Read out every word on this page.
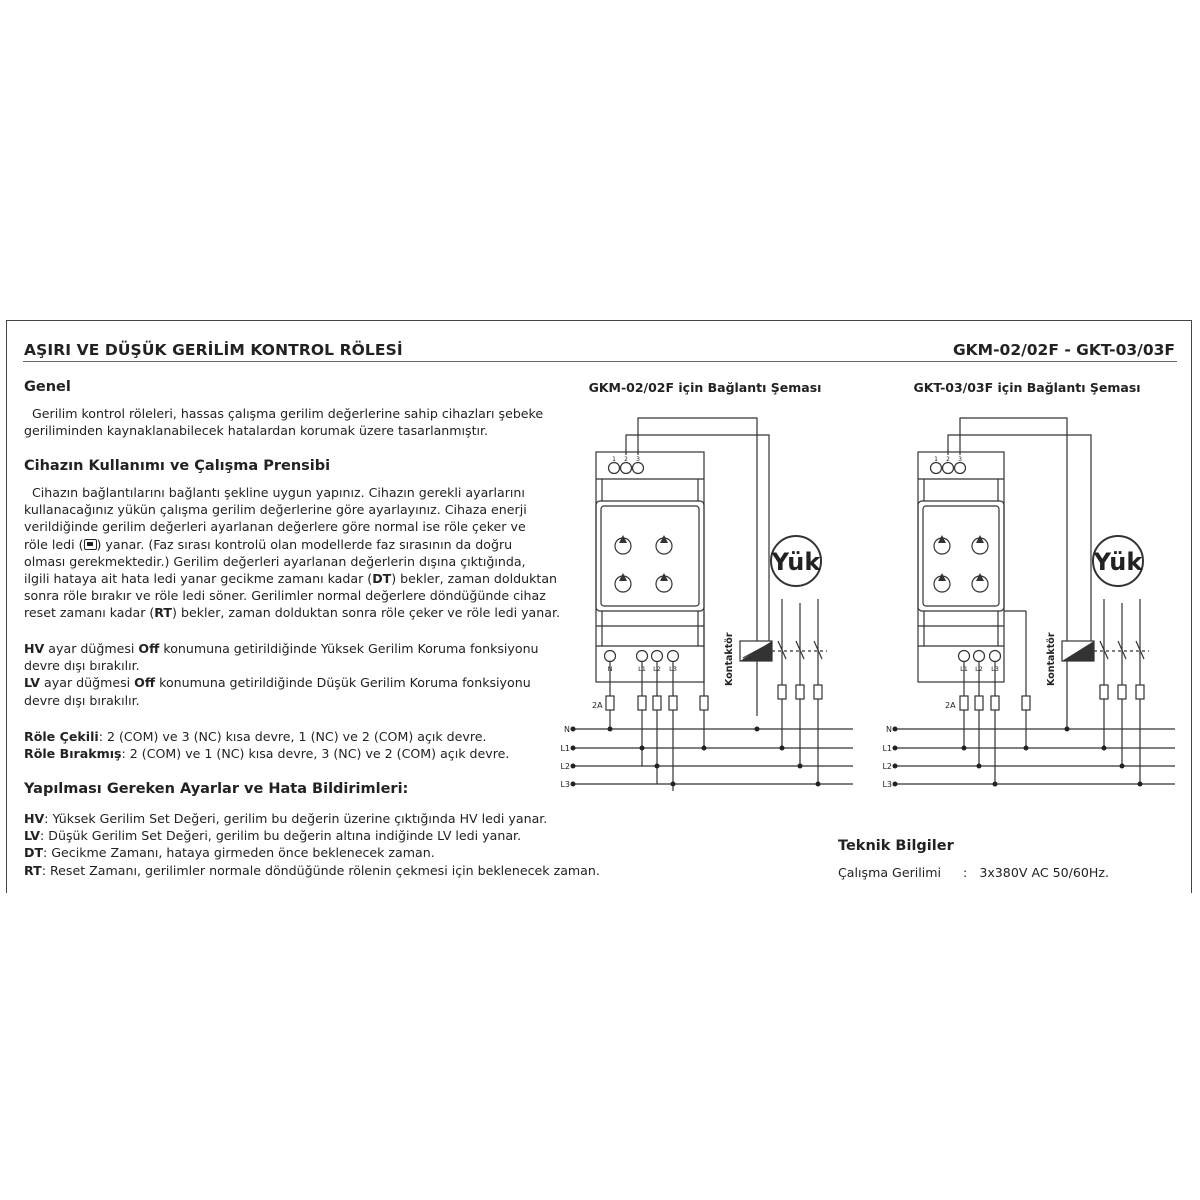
AŞIRI VE DÜŞÜK GERİLİM KONTROL RÖLESİ	GKM-02/02F - GKT-03/03F
Genel
Gerilim kontrol röleleri, hassas çalışma gerilim değerlerine sahip cihazları şebeke
geriliminden kaynaklanabilecek hatalardan korumak üzere tasarlanmıştır.
Cihazın Kullanımı ve Çalışma Prensibi
Cihazın bağlantılarını bağlantı şekline uygun yapınız. Cihazın gerekli ayarlarını
kullanacağınız yükün çalışma gerilim değerlerine göre ayarlayınız. Cihaza enerji
verildiğinde gerilim değerleri ayarlanan değerlere göre normal ise röle çeker ve
röle ledi ( ) yanar. (Faz sırası kontrolü olan modellerde faz sırasının da doğru
olması gerekmektedir.) Gerilim değerleri ayarlanan değerlerin dışına çıktığında,
ilgili hataya ait hata ledi yanar gecikme zamanı kadar (DT) bekler, zaman dolduktan
sonra röle bırakır ve röle ledi söner. Gerilimler normal değerlere döndüğünde cihaz
reset zamanı kadar (RT) bekler, zaman dolduktan sonra röle çeker ve röle ledi yanar.
HV ayar düğmesi Off konumuna getirildiğinde Yüksek Gerilim Koruma fonksiyonu
devre dışı bırakılır.
LV ayar düğmesi Off konumuna getirildiğinde Düşük Gerilim Koruma fonksiyonu
devre dışı bırakılır.
Röle Çekili: 2 (COM) ve 3 (NC) kısa devre, 1 (NC) ve 2 (COM) açık devre.
Röle Bırakmış: 2 (COM) ve 1 (NC) kısa devre, 3 (NC) ve 2 (COM) açık devre.
Yapılması Gereken Ayarlar ve Hata Bildirimleri:
HV: Yüksek Gerilim Set Değeri, gerilim bu değerin üzerine çıktığında HV ledi yanar.
LV: Düşük Gerilim Set Değeri, gerilim bu değerin altına indiğinde LV ledi yanar.
DT: Gecikme Zamanı, hataya girmeden önce beklenecek zaman.
RT: Reset Zamanı, gerilimler normale döndüğünde rölenin çekmesi için beklenecek zaman.
Teknik Bilgiler
Çalışma Gerilimi : 3x380V AC 50/60Hz.
GKM-02/02F için Bağlantı Şeması
1 2 3
N	L1 L2 L3
2A
Yük
Kontaktör
N
L1
L2
L3
GKT-03/03F için Bağlantı Şeması
1 2 3
L1 L2 L3
2A
Yük
Kontaktör
N
L1
L2
L3
